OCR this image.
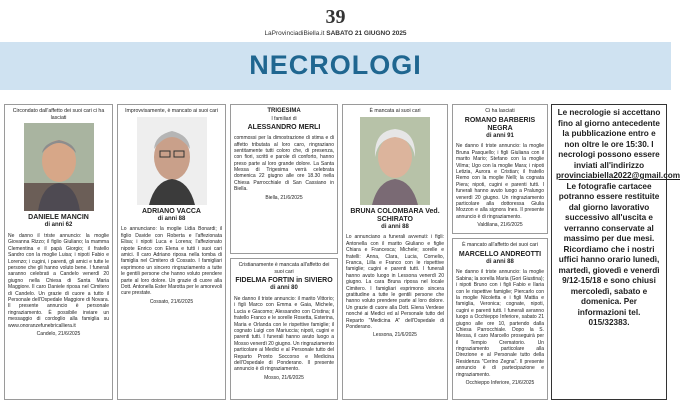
39
LaProvinciadiBiella.it SABATO 21 GIUGNO 2025
NECROLOGI
Circondato dall'affetto dei suoi cari ci ha lasciati
DANIELE MANCIN
di anni 62
Ne danno il triste annuncio: la moglie Giovanna Rizzo; il figlio Giuliano; la mamma Clementina e il papà Giorgio; il fratello Sandro con la moglie Luisa; i nipoti Fabio e Lorenzo; i cugini, i parenti, gli amici e tutte le persone che gli hanno voluto bene. I funerali saranno celebrati a Candelo venerdì 20 giugno nella Chiesa di Santa Maria Maggiore. Il caro Daniele riposa nel Cimitero di Candelo. Un grazie di cuore a tutto il Personale dell'Ospedale Maggiore di Novara. Il presente annuncio è personale ringraziamento. È possibile inviare un messaggio di cordoglio alla famiglia su www.onoranzefunebricalliera.it
Candelo, 21/6/2025
Improvvisamente, è mancato ai suoi cari
ADRIANO VACCA
di anni 88
Lo annunciano: la moglie Lidia Bonardi; il figlio Davide con Roberta e l'affezionata Elisa; i nipoti Luca e Lorena; l'affezionato nipote Enrico con Elena e tutti i suoi cari amici. Il caro Adriano riposa nella tomba di famiglia nel Cimitero di Cossato. I famigliari esprimono un sincero ringraziamento a tutte le gentili persone che hanno voluto prendere parte al loro dolore. Un grazie di cuore alla Dott. Antonella Ester Marotta per le amorevoli cure prestate.
Cossato, 21/6/2025
TRIGESIMA
I familiari di
ALESSANDRO MERLI
commossi per la dimostrazione di stima e di affetto tributata al loro caro, ringraziano sentitamente tutti coloro che, di presenza, con fiori, scritti e parole di conforto, hanno preso parte al loro grande dolore. La Santa Messa di Trigesima verrà celebrata domenica 22 giugno alle ore 18.30 nella Chiesa Parrocchiale di San Cassiano in Biella.
Biella, 21/6/2025
Cristianamente è mancata all'affetto dei suoi cari
FIDELMA FORTIN in SIVIERO
di anni 80
Ne danno il triste annuncio: il marito Vittorio; i figli Marco con Emma e Gaia, Michele, Lucia e Giacomo; Alessandro con Cristina; il fratello Franco e le sorelle Rosetta, Esterina, Maria e Orlanda con le rispettive famiglie; il cognato Luigi con Mariuccia; nipoti, cugini e parenti tutti. I funerali hanno avuto luogo a Mosso venerdì 20 giugno. Un ringraziamento particolare ai Medici e al Personale tutto del Reparto Pronto Soccorso e Medicina dell'Ospedale di Ponderano. Il presente annuncio è di ringraziamento.
Mosso, 21/6/2025
È mancata ai suoi cari
BRUNA COLOMBARA Ved. SCHIRATO
di anni 88
Lo annunciano a funerali avvenuti: i figli: Antonella con il marito Giuliano e figlie Chiara e Francesca; Michele; sorelle e fratelli: Anna, Clara, Lucia, Cornelio, Franca, Lilla e Franco con le rispettive famiglie; cugini e parenti tutti. I funerali hanno avuto luogo in Lessona venerdì 20 giugno. La cara Bruna riposa nel locale Cimitero. I famigliari esprimono sincera gratitudine a tutte le gentili persone che hanno voluto prendere parte al loro dolore. Un grazie di cuore alla Dott. Elena Verdese nonché ai Medici ed al Personale tutto del Reparto "Medicina A" dell'Ospedale di Ponderano.
Lessona, 21/6/2025
Ci ha lasciati
ROMANO BARBERIS NEGRA
di anni 91
Ne danno il triste annuncio: la moglie Bruna Pasquello; i figli Giuliana con il marito Mario; Stefano con la moglie Vilma; Ugo con la moglie Mara; i nipoti Letizia, Aurora e Cristian; il fratello Remo con la moglie Nelli; la cognata Piera; nipoti, cugini e parenti tutti. I funerali hanno avuto luogo a Pralungo venerdì 20 giugno. Un ringraziamento particolare alla dottoressa Giulia Mozzon e alla signora Ines. Il presente annuncio è di ringraziamento.
Valdilana, 21/6/2025
È mancato all'affetto dei suoi cari
MARCELLO ANDREOTTI
di anni 88
Ne danno il triste annuncio: la moglie Sabina; la sorella Maria (Gori Giustina); i nipoti Bruno con i figli Fabio e Ilaria con le rispettive famiglie; Piercarlo con la moglie Nicoletta e i figli Mattia e famiglia, Veronica; cognate, nipoti, cugini e parenti tutti. I funerali avranno luogo a Occhieppo Inferiore, sabato 21 giugno alle ore 10, partendo dalla Chiesa Parrocchiale. Dopo la S. Messa, il caro Marcello proseguirà per il Tempio Crematorio. Un ringraziamento particolare alla Direzione e al Personale tutto della Residenza "Cerino Zegna". Il presente annuncio è di partecipazione e ringraziamento.
Occhieppo Inferiore, 21/6/2025
Le necrologie si accettano fino al giorno antecedente la pubblicazione entro e non oltre le ore 15:30. I necrologi possono essere inviati all'indirizzo provinciabiella2022@gmail.com Le fotografie cartacee potranno essere restituite dal giorno lavorativo successivo all'uscita e verranno conservate al massimo per due mesi. Ricordiamo che i nostri uffici hanno orario lunedì, martedì, giovedì e venerdì 9/12-15/18 e sono chiusi mercoledì, sabato e domenica. Per informazioni tel. 015/32383.
